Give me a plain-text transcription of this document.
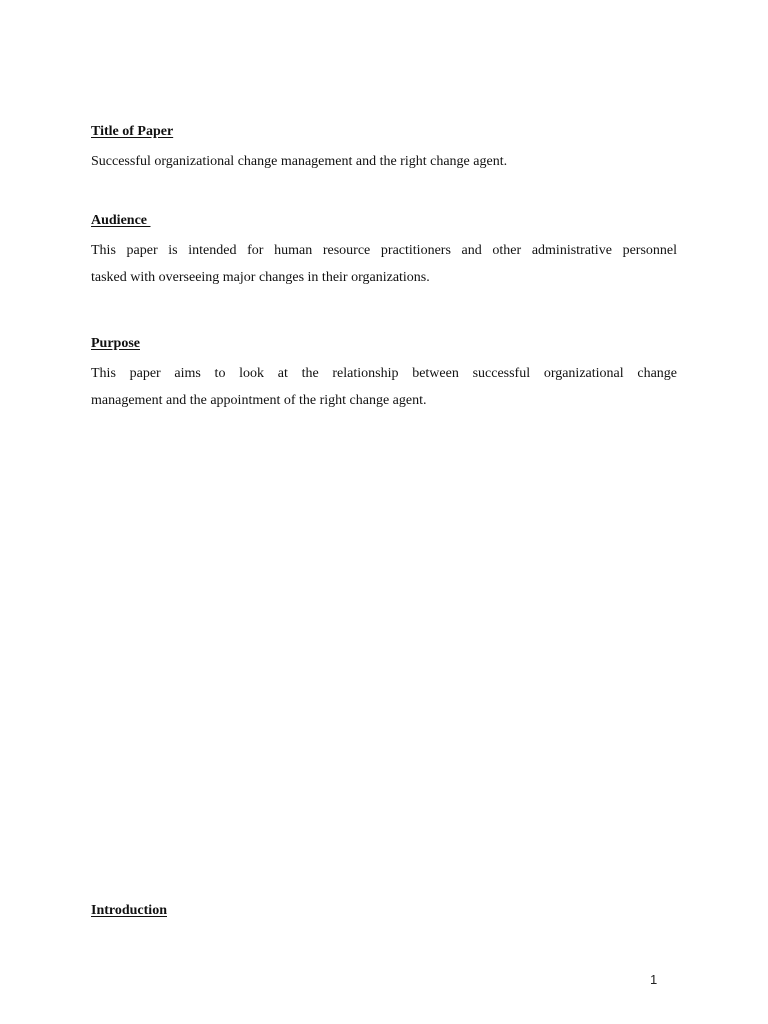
Title of Paper

Successful organizational change management and the right change agent.

Audience

This paper is intended for human resource practitioners and other administrative personnel
tasked with overseeing major changes in their organizations.

Purpose

This paper aims to look at the relationship between successful organizational change
management and the appointment of the right change agent.

Introduction
1
